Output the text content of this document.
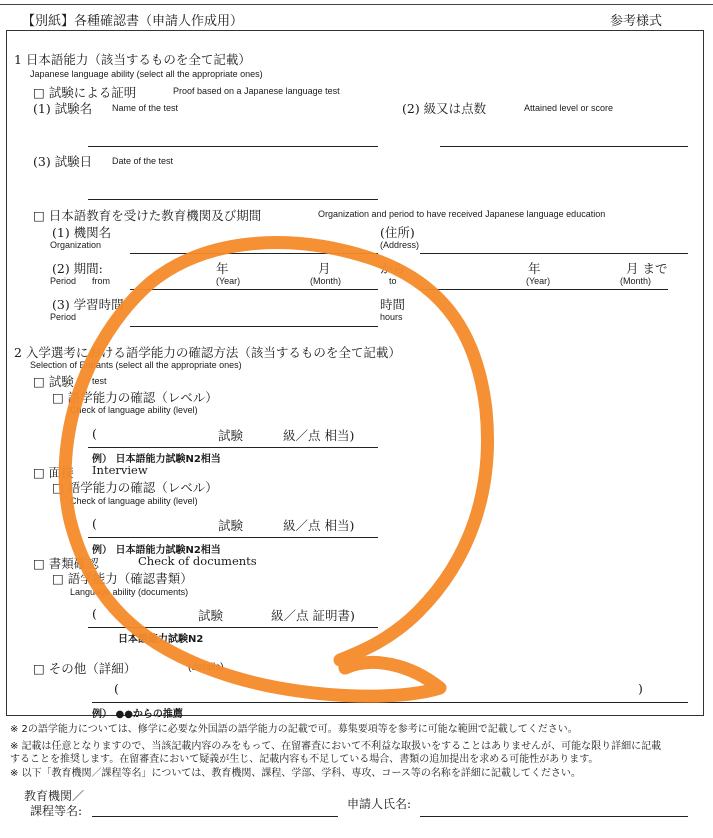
【別紙】各種確認書（申請人作成用）	参考様式
1 日本語能力（該当するものを全て記載）
Japanese language ability (select all the appropriate ones)
□ 試験による証明	Proof based on a Japanese language test
(1) 試験名 Name of the test	(2) 級又は点数	Attained level or score
(3) 試験日 Date of the test
□ 日本語教育を受けた教育機関及び期間	Organization and period to have received Japanese language education
(1) 機関名
Organization
(住所)
(Address)
(2) 期間:
Period from
年
(Year)
月
(Month)
から
to
年
(Year)
月 まで
(Month)
(3) 学習時間
Period
時間
hours
2 入学選考における語学能力の確認方法（該当するものを全て記載）
Selection of Entrants (select all the appropriate ones)
□ 試験 test
□ 語学能力の確認（レベル）
Check of language ability (level)
(	試験	級／点 相当)
例） 日本語能力試験N2相当
□ 面接 Interview
□ 語学能力の確認（レベル）
Check of language ability (level)
(	試験	級／点 相当)
例） 日本語能力試験N2相当
□ 書類確認	Check of documents
□ 語学能力（確認書類）
Language ability (documents)
(	試験	級／点 証明書)
日本語能力試験N2
□ その他（詳細）	(details)
(	)
例） ●●からの推薦
※ 2の語学能力については、修学に必要な外国語の語学能力の記載で可。募集要項等を参考に可能な範囲で記載してください。
※ 記載は任意となりますので、当該記載内容のみをもって、在留審査において不利益な取扱いをすることはありませんが、可能な限り詳細に記載
することを推奨します。在留審査において疑義が生じ、記載内容も不足している場合、書類の追加提出を求める可能性があります。
※ 以下「教育機関／課程等名」については、教育機関、課程、学部、学科、専攻、コース等の名称を詳細に記載してください。
教育機関／
課程等名:	申請人氏名:
